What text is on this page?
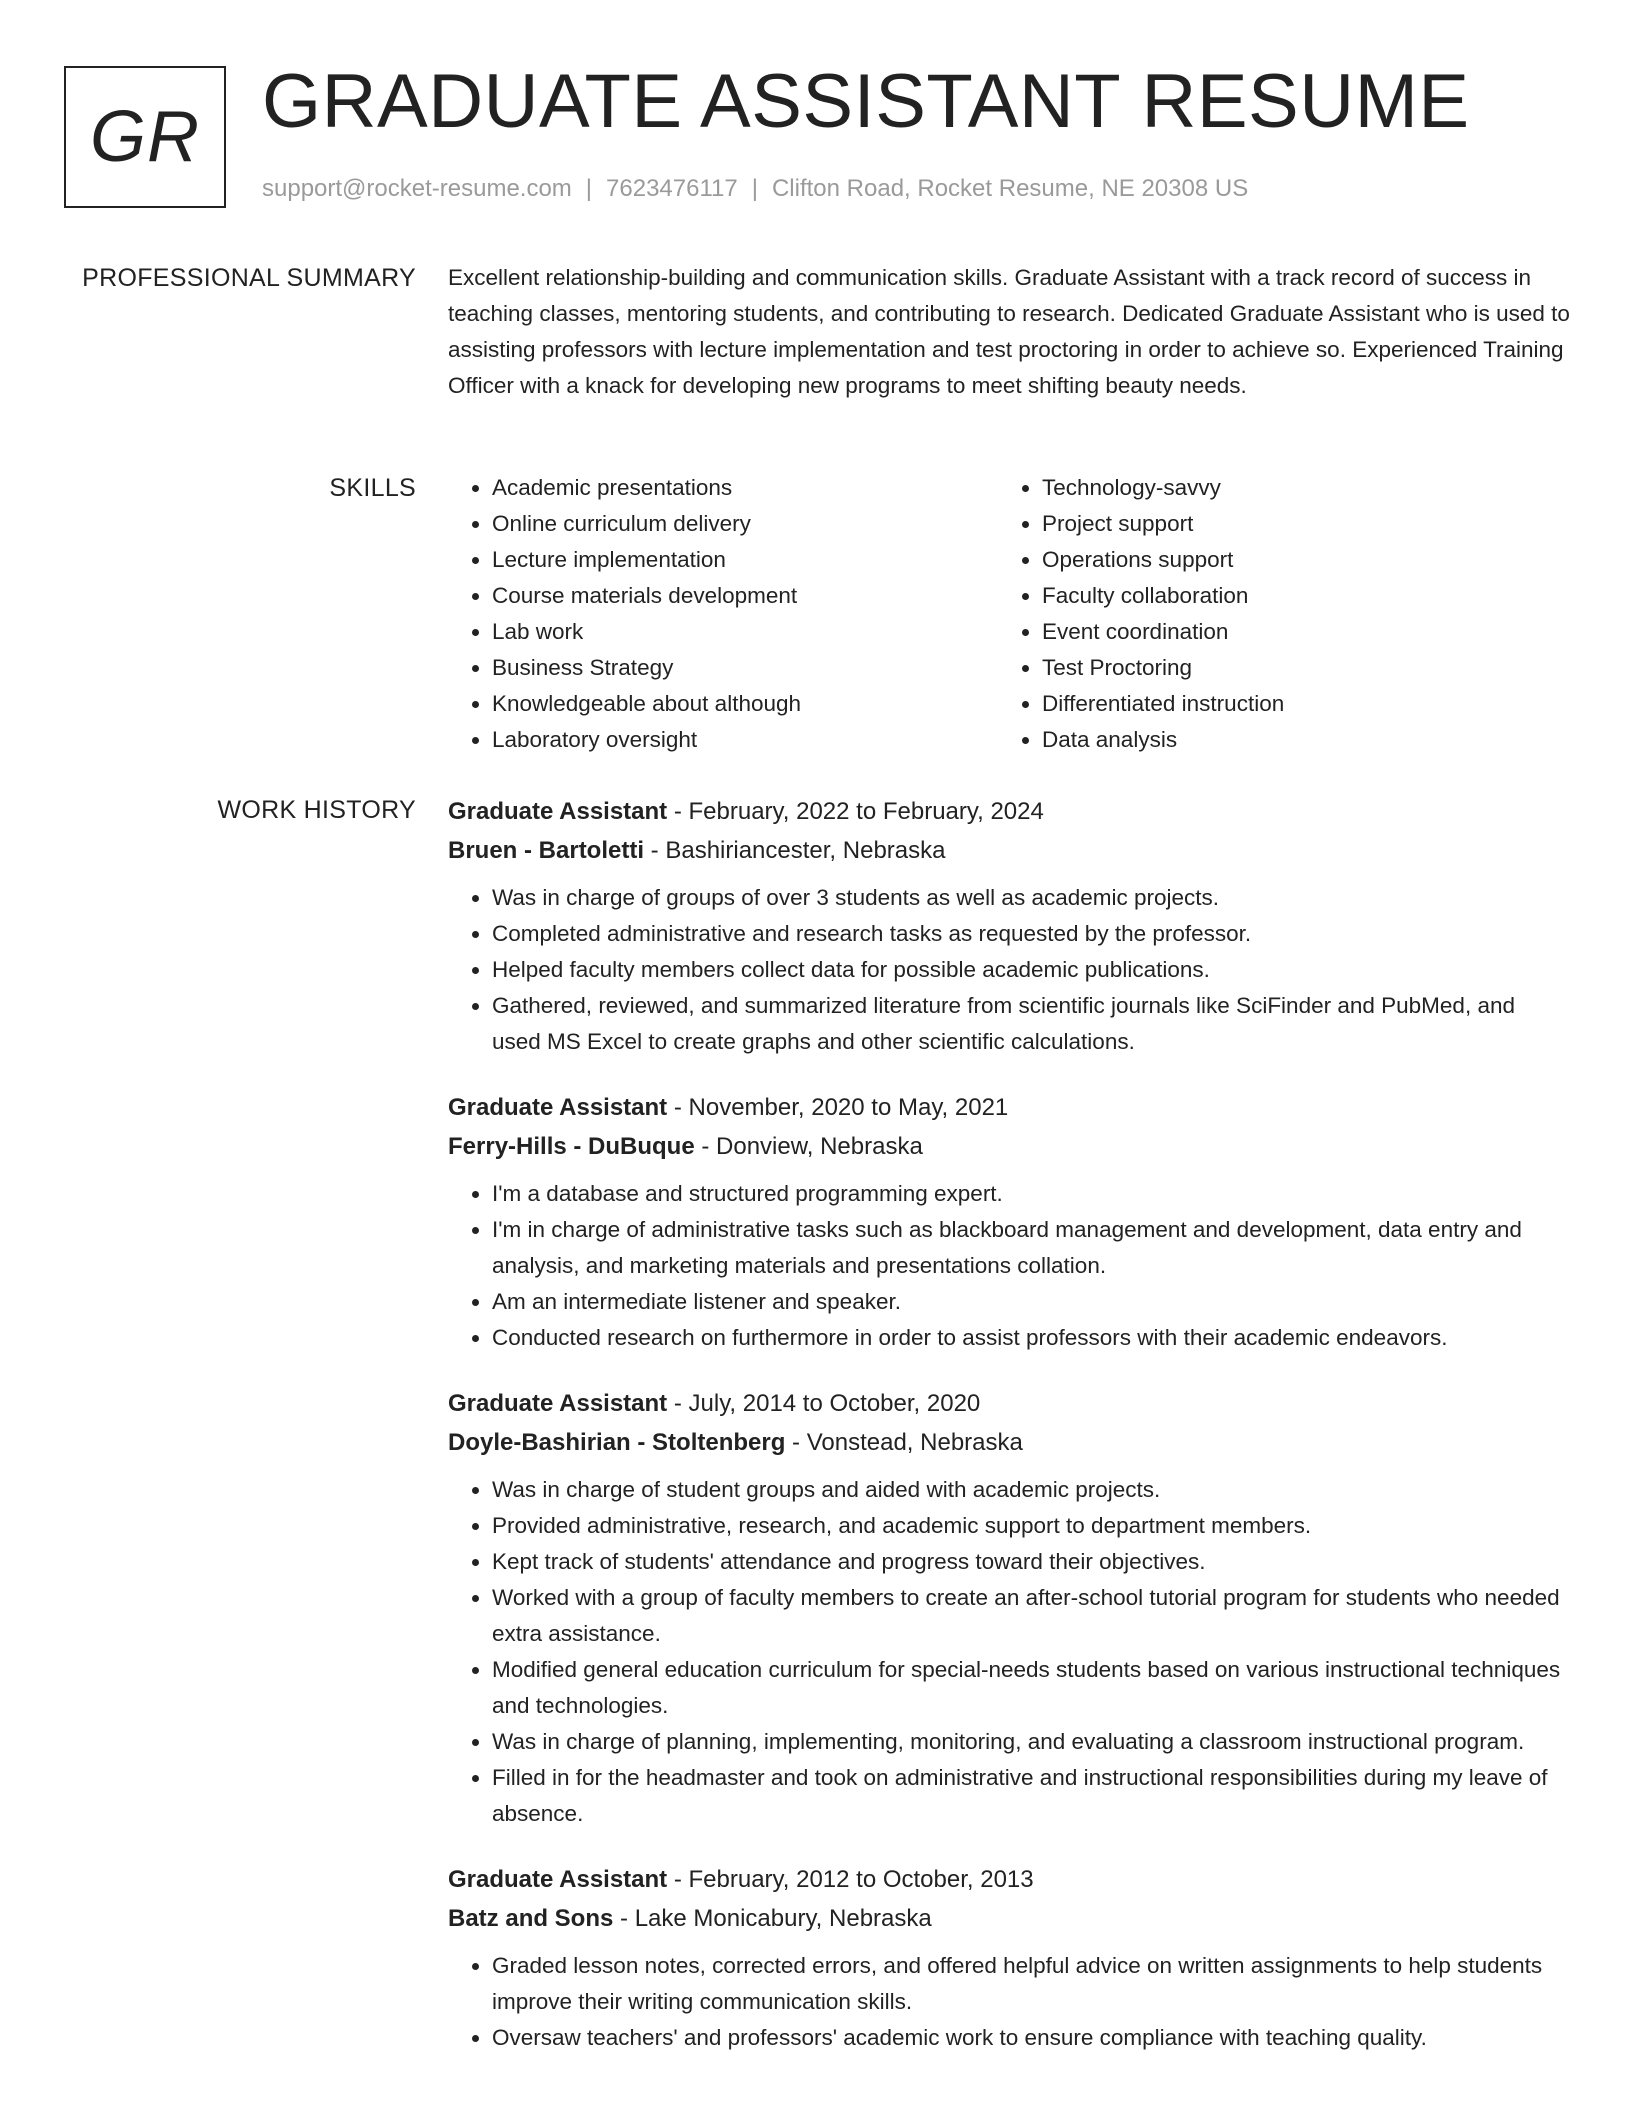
GR GRADUATE ASSISTANT RESUME
support@rocket-resume.com | 7623476117 | Clifton Road, Rocket Resume, NE 20308 US
PROFESSIONAL SUMMARY Excellent relationship-building and communication skills. Graduate Assistant with a track record of success in teaching classes, mentoring students, and contributing to research. Dedicated Graduate Assistant who is used to assisting professors with lecture implementation and test proctoring in order to achieve so. Experienced Training Officer with a knack for developing new programs to meet shifting beauty needs.

SKILLS
•	Academic presentations
• Online curriculum delivery
• Lecture implementation
• Course materials development
• Lab work
• Business Strategy
• Knowledgeable about although
• Laboratory oversight
• Technology-savvy
• Project support
• Operations support
• Faculty collaboration
• Event coordination
• Test Proctoring
• Differentiated instruction
• Data analysis
WORK HISTORY Graduate Assistant - February, 2022 to February, 2024
Bruen - Bartoletti - Bashiriancester, Nebraska
• Was in charge of groups of over 3 students as well as academic projects.
• Completed administrative and research tasks as requested by the professor.
• Helped faculty members collect data for possible academic publications.
• Gathered, reviewed, and summarized literature from scientific journals like SciFinder and PubMed, and used MS Excel to create graphs and other scientific calculations.
Graduate Assistant - November, 2020 to May, 2021
Ferry-Hills - DuBuque - Donview, Nebraska
• I'm a database and structured programming expert.
• I'm in charge of administrative tasks such as blackboard management and development, data entry and analysis, and marketing materials and presentations collation.
• Am an intermediate listener and speaker.
• Conducted research on furthermore in order to assist professors with their academic endeavors.
Graduate Assistant - July, 2014 to October, 2020
Doyle-Bashirian - Stoltenberg - Vonstead, Nebraska
• Was in charge of student groups and aided with academic projects.
• Provided administrative, research, and academic support to department members.
• Kept track of students' attendance and progress toward their objectives.
• Worked with a group of faculty members to create an after-school tutorial program for students who needed extra assistance.
• Modified general education curriculum for special-needs students based on various instructional techniques and technologies.
• Was in charge of planning, implementing, monitoring, and evaluating a classroom instructional program.
• Filled in for the headmaster and took on administrative and instructional responsibilities during my leave of absence.
Graduate Assistant - February, 2012 to October, 2013
Batz and Sons - Lake Monicabury, Nebraska
• Graded lesson notes, corrected errors, and offered helpful advice on written assignments to help students improve their writing communication skills.
• Oversaw teachers' and professors' academic work to ensure compliance with teaching quality.
